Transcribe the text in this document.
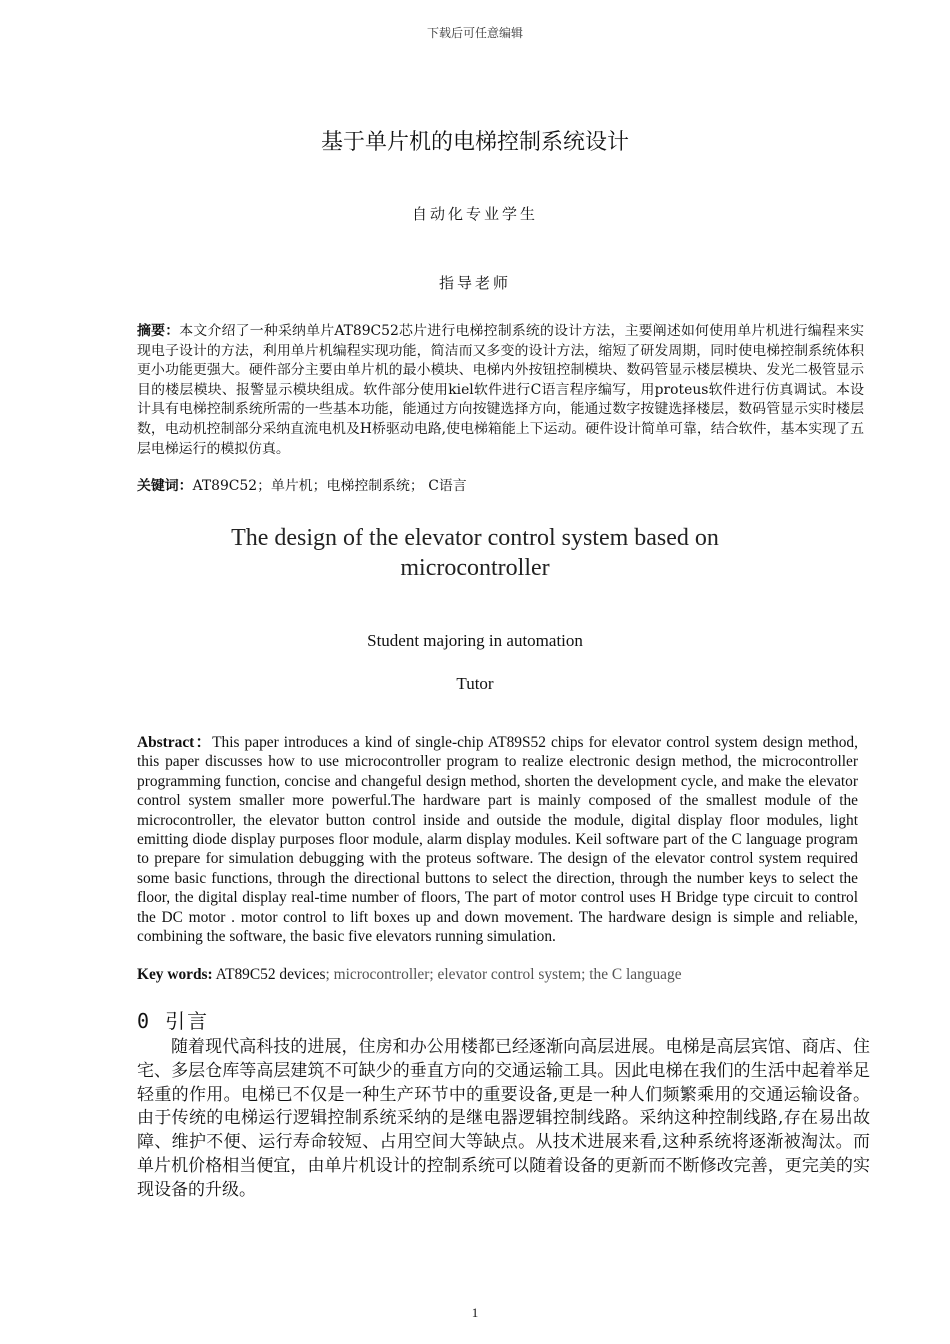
下载后可任意编辑
基于单片机的电梯控制系统设计
自动化专业学生
指导老师
摘要：本文介绍了一种采纳单片AT89C52芯片进行电梯控制系统的设计方法，主要阐述如何使用单片机进行编程来实现电子设计的方法，利用单片机编程实现功能，简洁而又多变的设计方法，缩短了研发周期，同时使电梯控制系统体积更小功能更强大。硬件部分主要由单片机的最小模块、电梯内外按钮控制模块、数码管显示楼层模块、发光二极管显示目的楼层模块、报警显示模块组成。软件部分使用kiel软件进行C语言程序编写，用proteus软件进行仿真调试。本设计具有电梯控制系统所需的一些基本功能，能通过方向按键选择方向，能通过数字按键选择楼层，数码管显示实时楼层数，电动机控制部分采纳直流电机及H桥驱动电路,使电梯箱能上下运动。硬件设计简单可靠，结合软件，基本实现了五层电梯运行的模拟仿真。
关键词：AT89C52；单片机；电梯控制系统； C语言
The design of the elevator control system based on microcontroller
Student majoring in automation
Tutor
Abstract：This paper introduces a kind of single-chip AT89S52 chips for elevator control system design method, this paper discusses how to use microcontroller program to realize electronic design method, the microcontroller programming function, concise and changeful design method, shorten the development cycle, and make the elevator control system smaller more powerful.The hardware part is mainly composed of the smallest module of the microcontroller, the elevator button control inside and outside the module, digital display floor modules, light emitting diode display purposes floor module, alarm display modules. Keil software part of the C language program to prepare for simulation debugging with the proteus software. The design of the elevator control system required some basic functions, through the directional buttons to select the direction, through the number keys to select the floor, the digital display real-time number of floors, The part of motor control uses H Bridge type circuit to control the DC motor . motor control to lift boxes up and down movement. The hardware design is simple and reliable, combining the software, the basic five elevators running simulation.
Key words: AT89C52 devices; microcontroller; elevator control system; the C language
0 引言
随着现代高科技的进展，住房和办公用楼都已经逐渐向高层进展。电梯是高层宾馆、商店、住宅、多层仓库等高层建筑不可缺少的垂直方向的交通运输工具。因此电梯在我们的生活中起着举足轻重的作用。电梯已不仅是一种生产环节中的重要设备,更是一种人们频繁乘用的交通运输设备。由于传统的电梯运行逻辑控制系统采纳的是继电器逻辑控制线路。采纳这种控制线路,存在易出故障、维护不便、运行寿命较短、占用空间大等缺点。从技术进展来看,这种系统将逐渐被淘汰。而单片机价格相当便宜，由单片机设计的控制系统可以随着设备的更新而不断修改完善，更完美的实现设备的升级。
1
